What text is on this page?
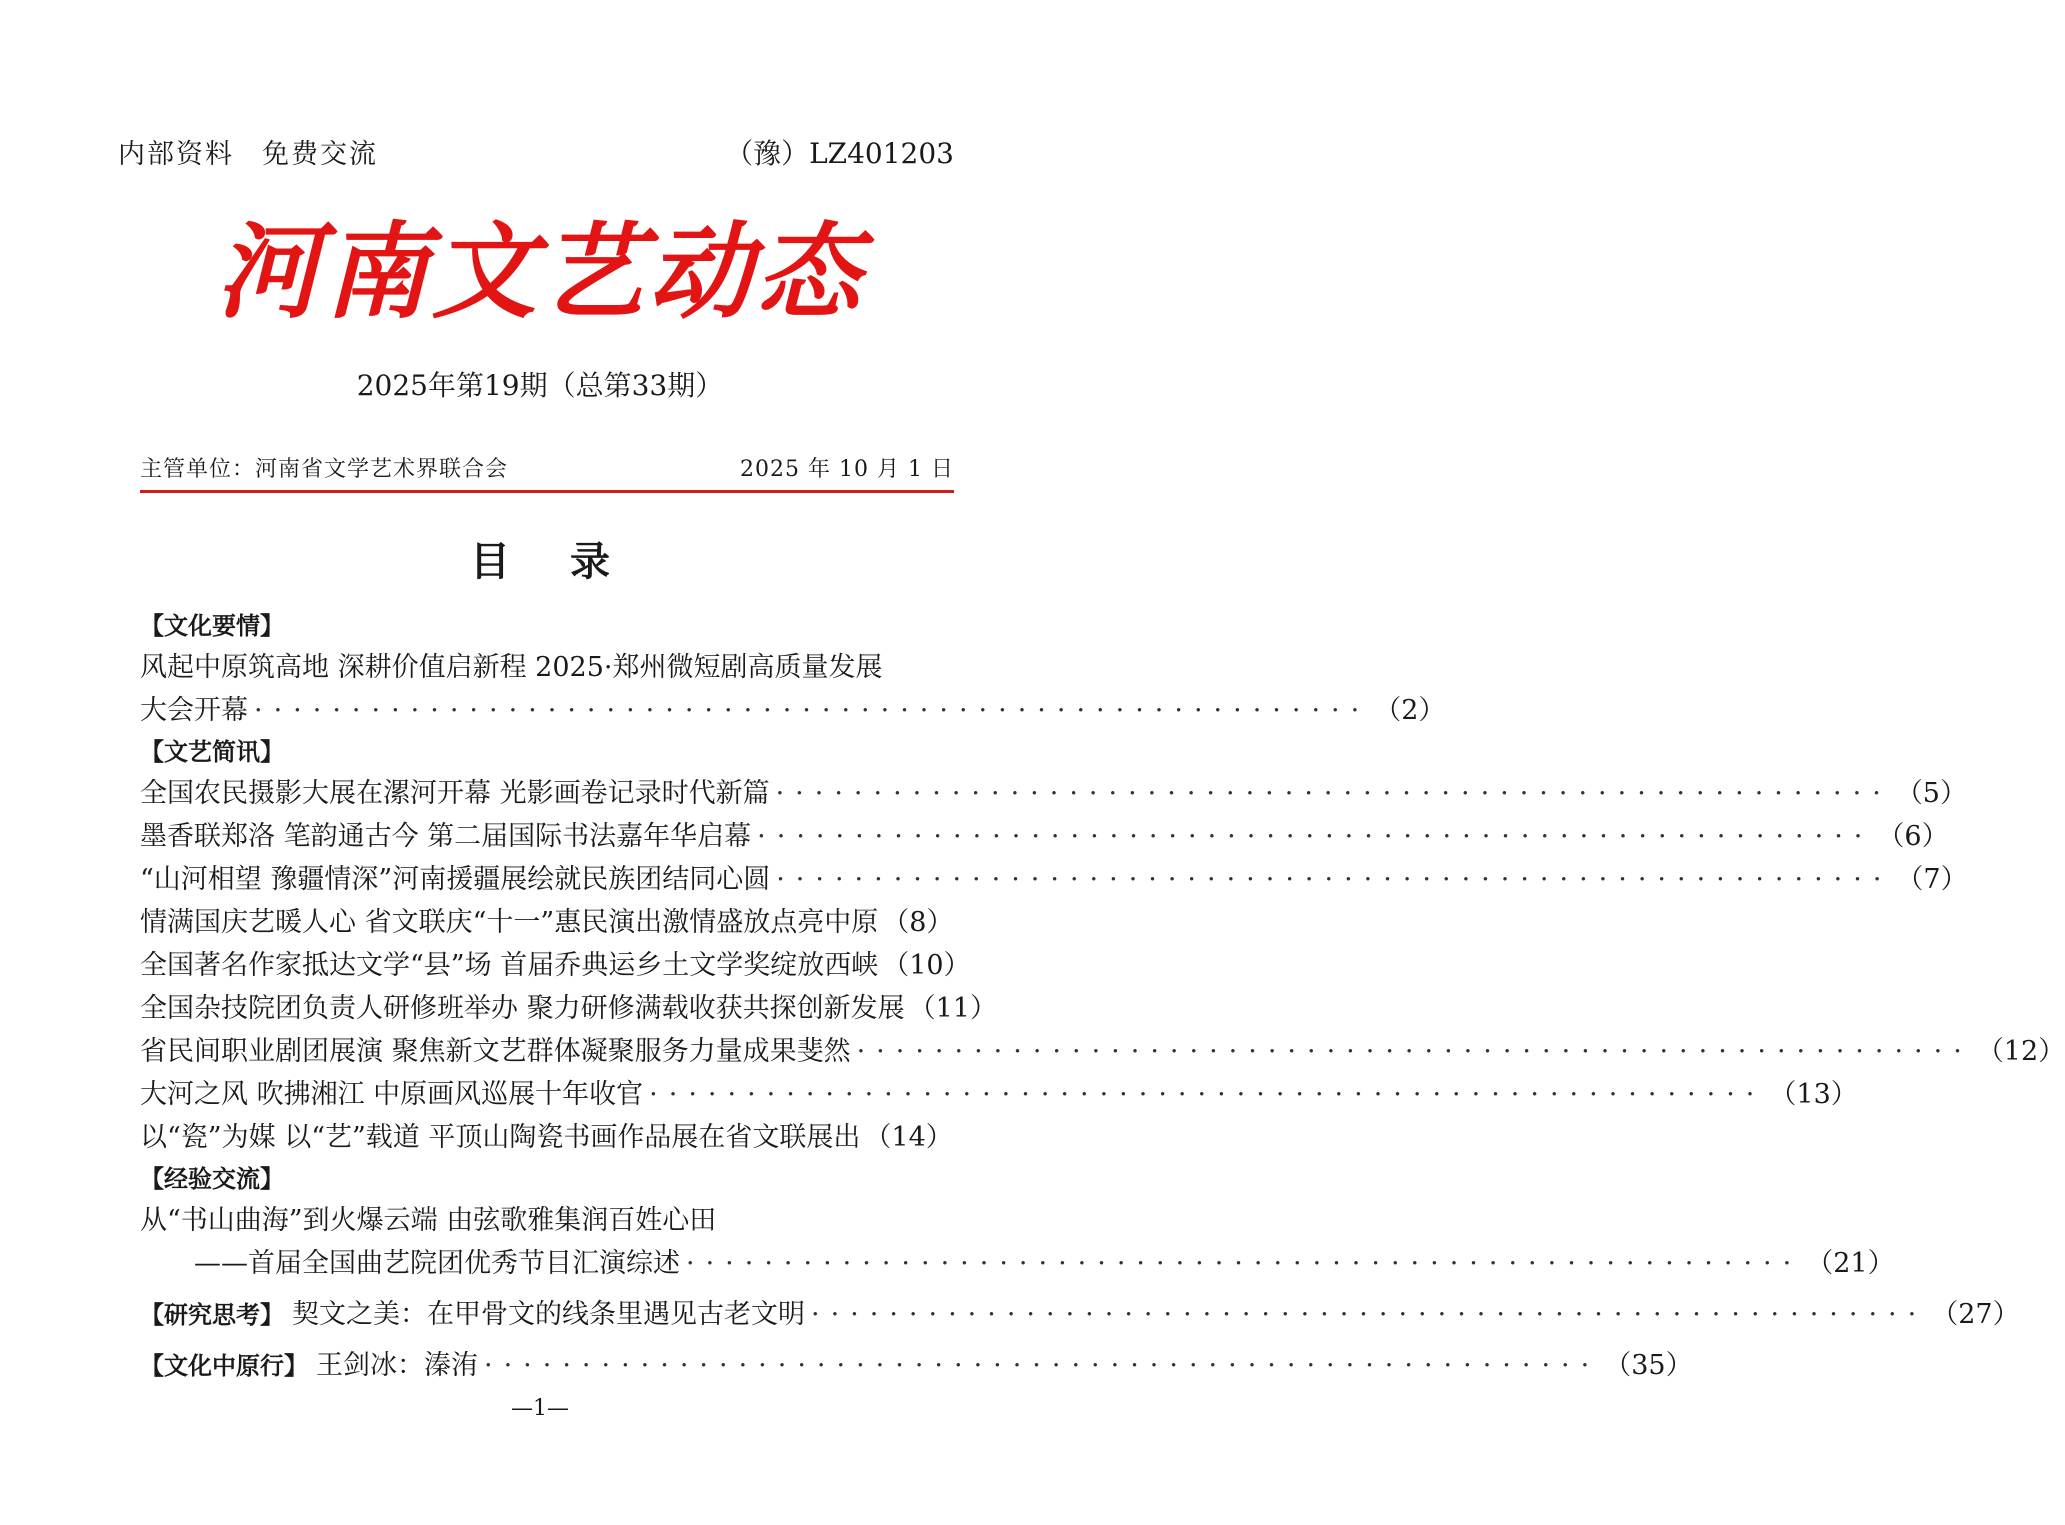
内部资料 免费交流	（豫）LZ401203
河南文艺动态
2025年第19期（总第33期）
主管单位：河南省文学艺术界联合会	2025 年 10 月 1 日
目 录
【文化要情】
风起中原筑高地 深耕价值启新程 2025·郑州微短剧高质量发展
大会开幕 ························································· （2）
【文艺简讯】
全国农民摄影大展在漯河开幕 光影画卷记录时代新篇 ························································· （5）
墨香联郑洛 笔韵通古今 第二届国际书法嘉年华启幕 ························································· （6）
“山河相望 豫疆情深”河南援疆展绘就民族团结同心圆 ························································· （7）
情满国庆艺暖人心 省文联庆“十一”惠民演出激情盛放点亮中原 （8）
全国著名作家抵达文学“县”场 首届乔典运乡土文学奖绽放西峡 （10）
全国杂技院团负责人研修班举办 聚力研修满载收获共探创新发展 （11）
省民间职业剧团展演 聚焦新文艺群体凝聚服务力量成果斐然 ························································· （12）
大河之风 吹拂湘江 中原画风巡展十年收官 ························································· （13）
以“瓷”为媒 以“艺”载道 平顶山陶瓷书画作品展在省文联展出 （14）
【经验交流】
从“书山曲海”到火爆云端 由弦歌雅集润百姓心田
——首届全国曲艺院团优秀节目汇演综述 ························································· （21）
【研究思考】 契文之美：在甲骨文的线条里遇见古老文明 ························································· （27）
【文化中原行】 王剑冰：溱洧 ························································· （35）
—1—
